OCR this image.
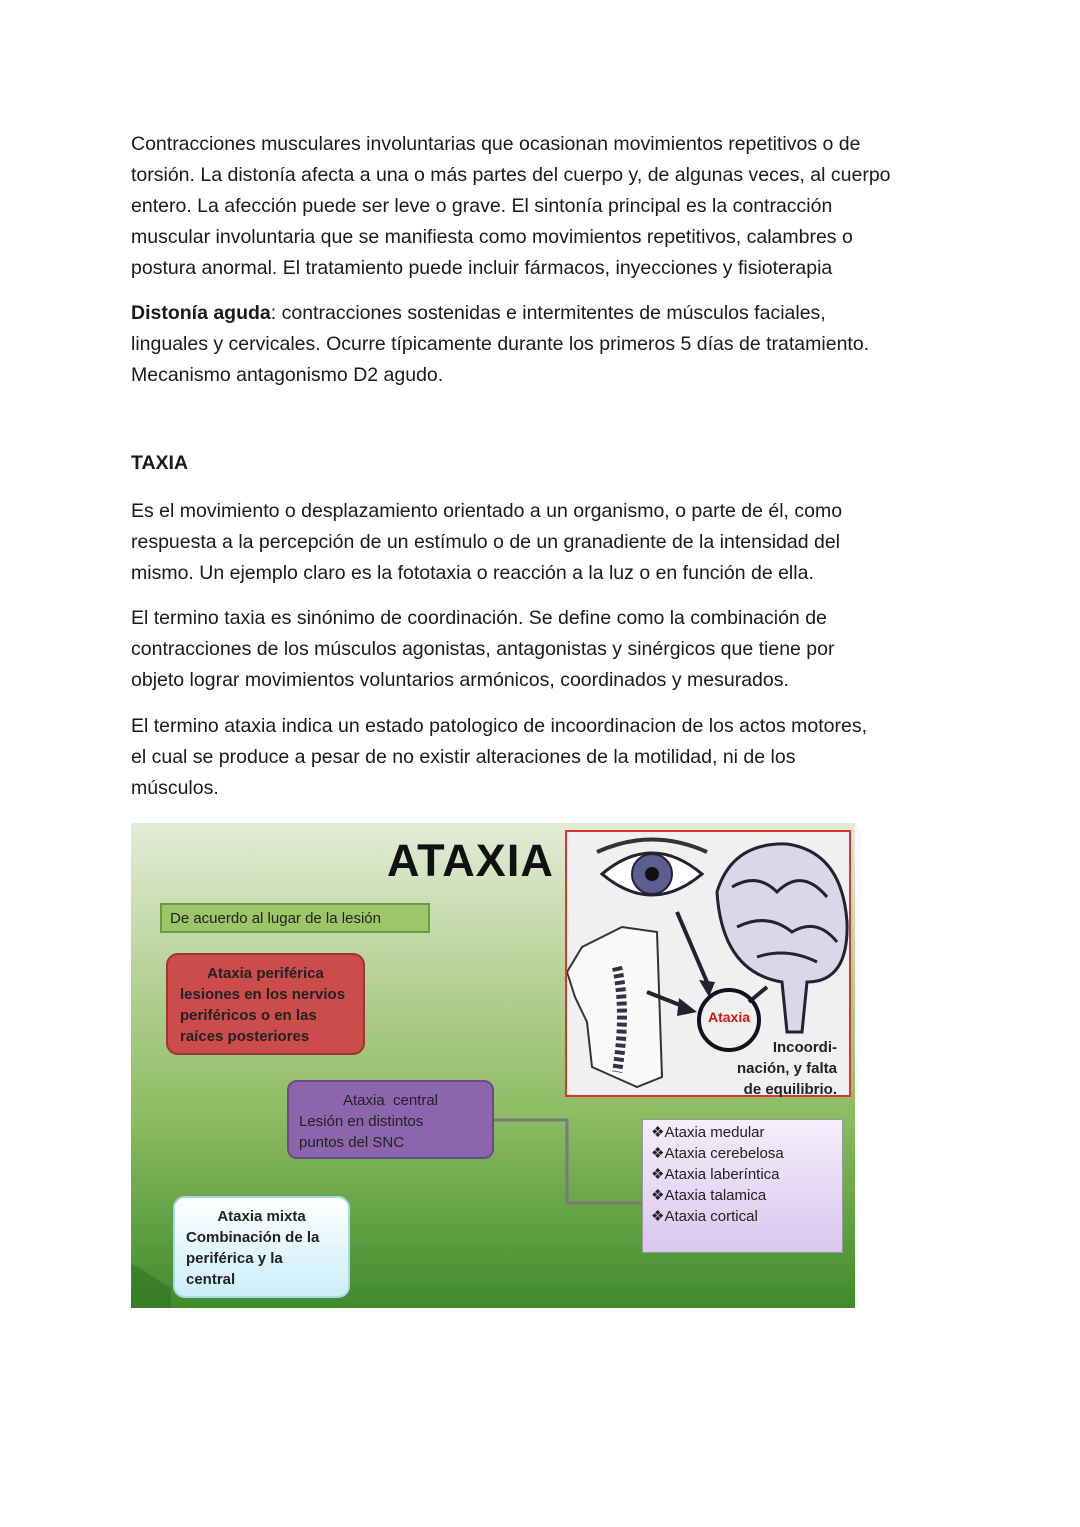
Contracciones musculares involuntarias que ocasionan movimientos repetitivos o de
torsión. La distonía afecta a una o más partes del cuerpo y, de algunas veces, al cuerpo
entero. La afección puede ser leve o grave. El sintonía principal es la contracción
muscular involuntaria que se manifiesta como movimientos repetitivos, calambres o
postura anormal. El tratamiento puede incluir fármacos, inyecciones y fisioterapia
Distonía aguda: contracciones sostenidas e intermitentes de músculos faciales,
linguales y cervicales. Ocurre típicamente durante los primeros 5 días de tratamiento.
Mecanismo antagonismo D2 agudo.
TAXIA
Es el movimiento o desplazamiento orientado a un organismo, o parte de él, como
respuesta a la percepción de un estímulo o de un granadiente de la intensidad del
mismo. Un ejemplo claro es la fototaxia o reacción a la luz o en función de ella.
El termino taxia es sinónimo de coordinación. Se define como la combinación de
contracciones de los músculos agonistas, antagonistas y sinérgicos que tiene por
objeto lograr movimientos voluntarios armónicos, coordinados y mesurados.
El termino ataxia indica un estado patologico de incoordinacion de los actos motores,
el cual se produce a pesar de no existir alteraciones de la motilidad, ni de los
músculos.
ATAXIA
Ataxia
Incoordi-
nación, y falta
de equilibrio.
De acuerdo al lugar de la lesión
Ataxia periférica
lesiones en los nervios
periféricos o en las
raíces posteriores
Ataxia  central
Lesión en distintos
puntos del SNC
Ataxia mixta
Combinación de la
periférica y la
central
❖Ataxia medular
❖Ataxia cerebelosa
❖Ataxia laberíntica
❖Ataxia talamica
❖Ataxia cortical
